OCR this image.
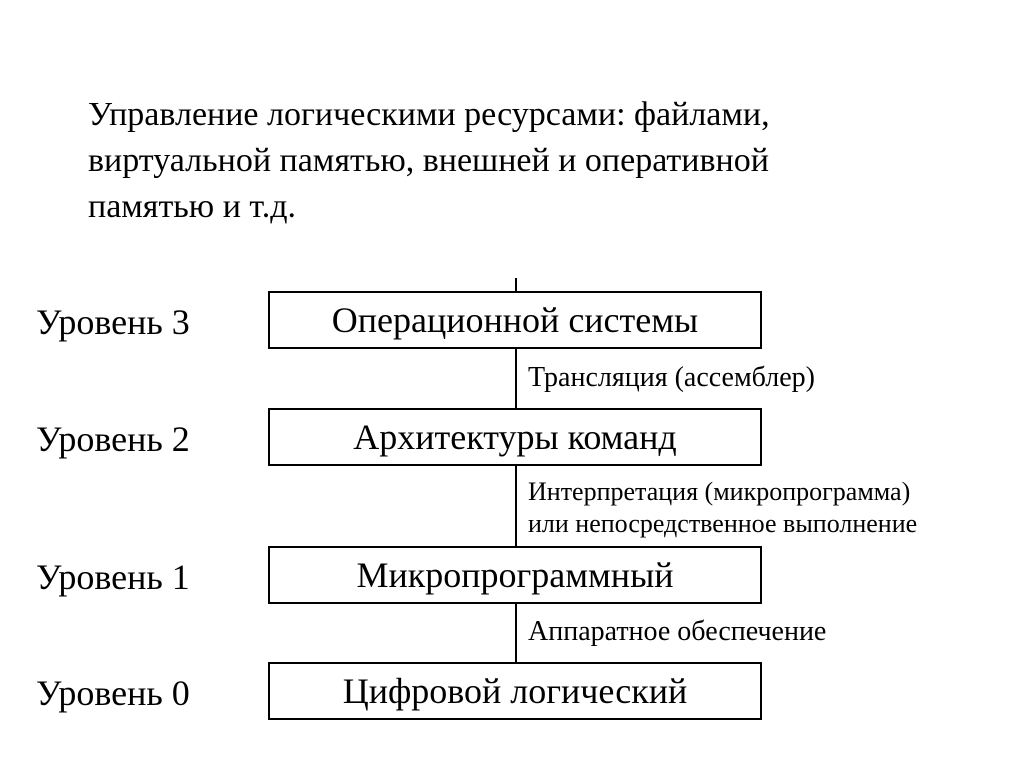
Управление логическими ресурсами: файлами,
виртуальной памятью, внешней и оперативной
памятью и т.д.
Уровень 3	Операционной системы
Трансляция (ассемблер)
Уровень 2	Архитектуры команд
Интерпретация (микропрограмма)
или непосредственное выполнение
Уровень 1	Микропрограммный
Аппаратное обеспечение
Уровень 0	Цифровой логический
